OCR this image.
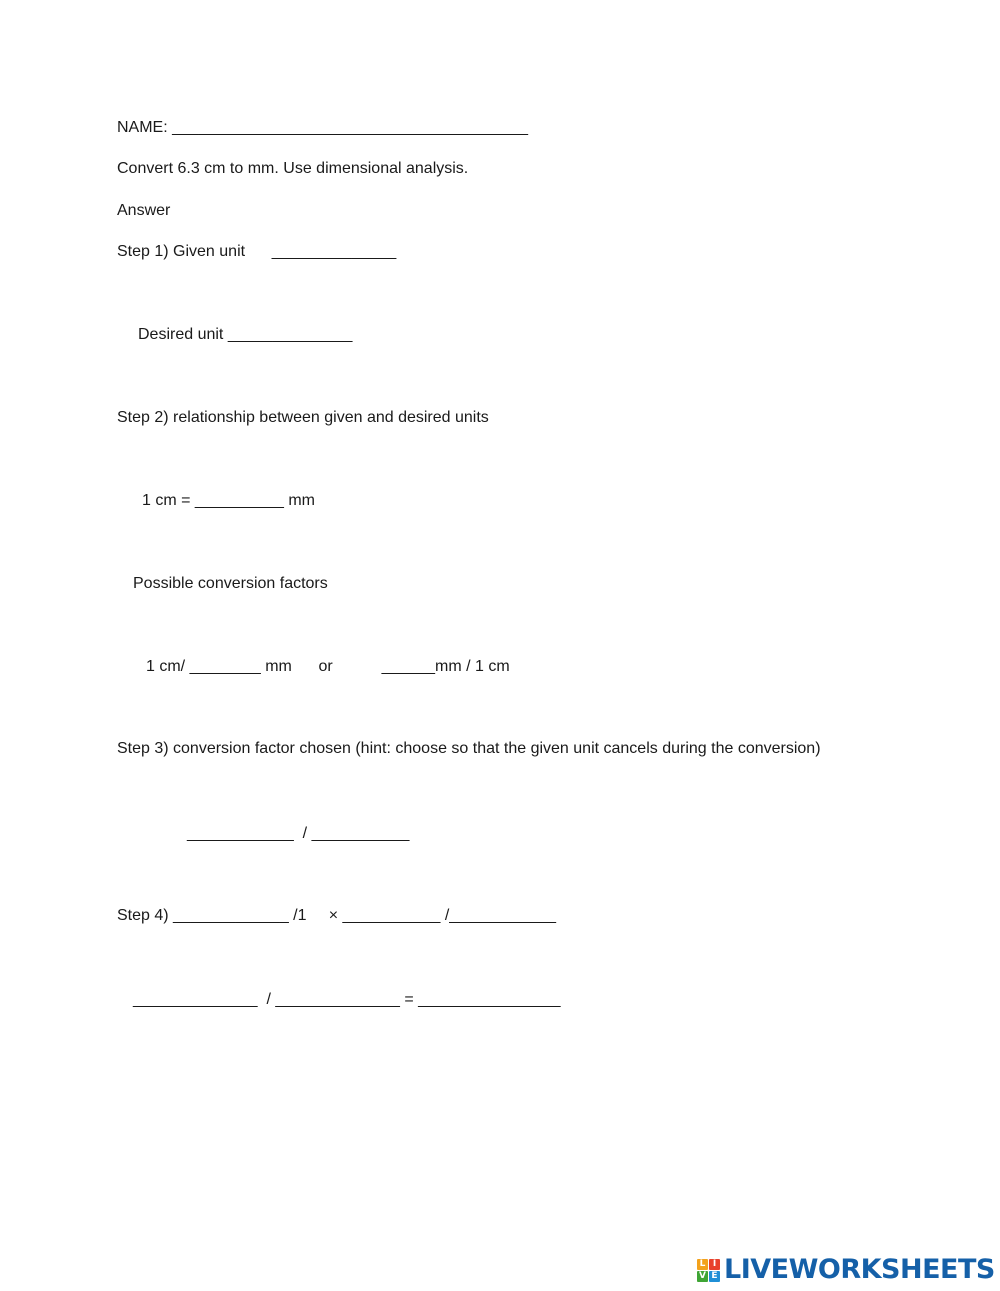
NAME: ________________________________________

Convert 6.3 cm to mm. Use dimensional analysis.

Answer

Step 1) Given unit      ______________

Desired unit ______________

Step 2) relationship between given and desired units

1 cm = __________ mm

Possible conversion factors

1 cm/ ________ mm      or           ______mm / 1 cm

Step 3) conversion factor chosen (hint: choose so that the given unit cancels during the conversion)

____________  / ___________

Step 4) _____________ /1     × ___________ /____________

______________  / ______________ = ________________

L I
V E LIVEWORKSHEETS
